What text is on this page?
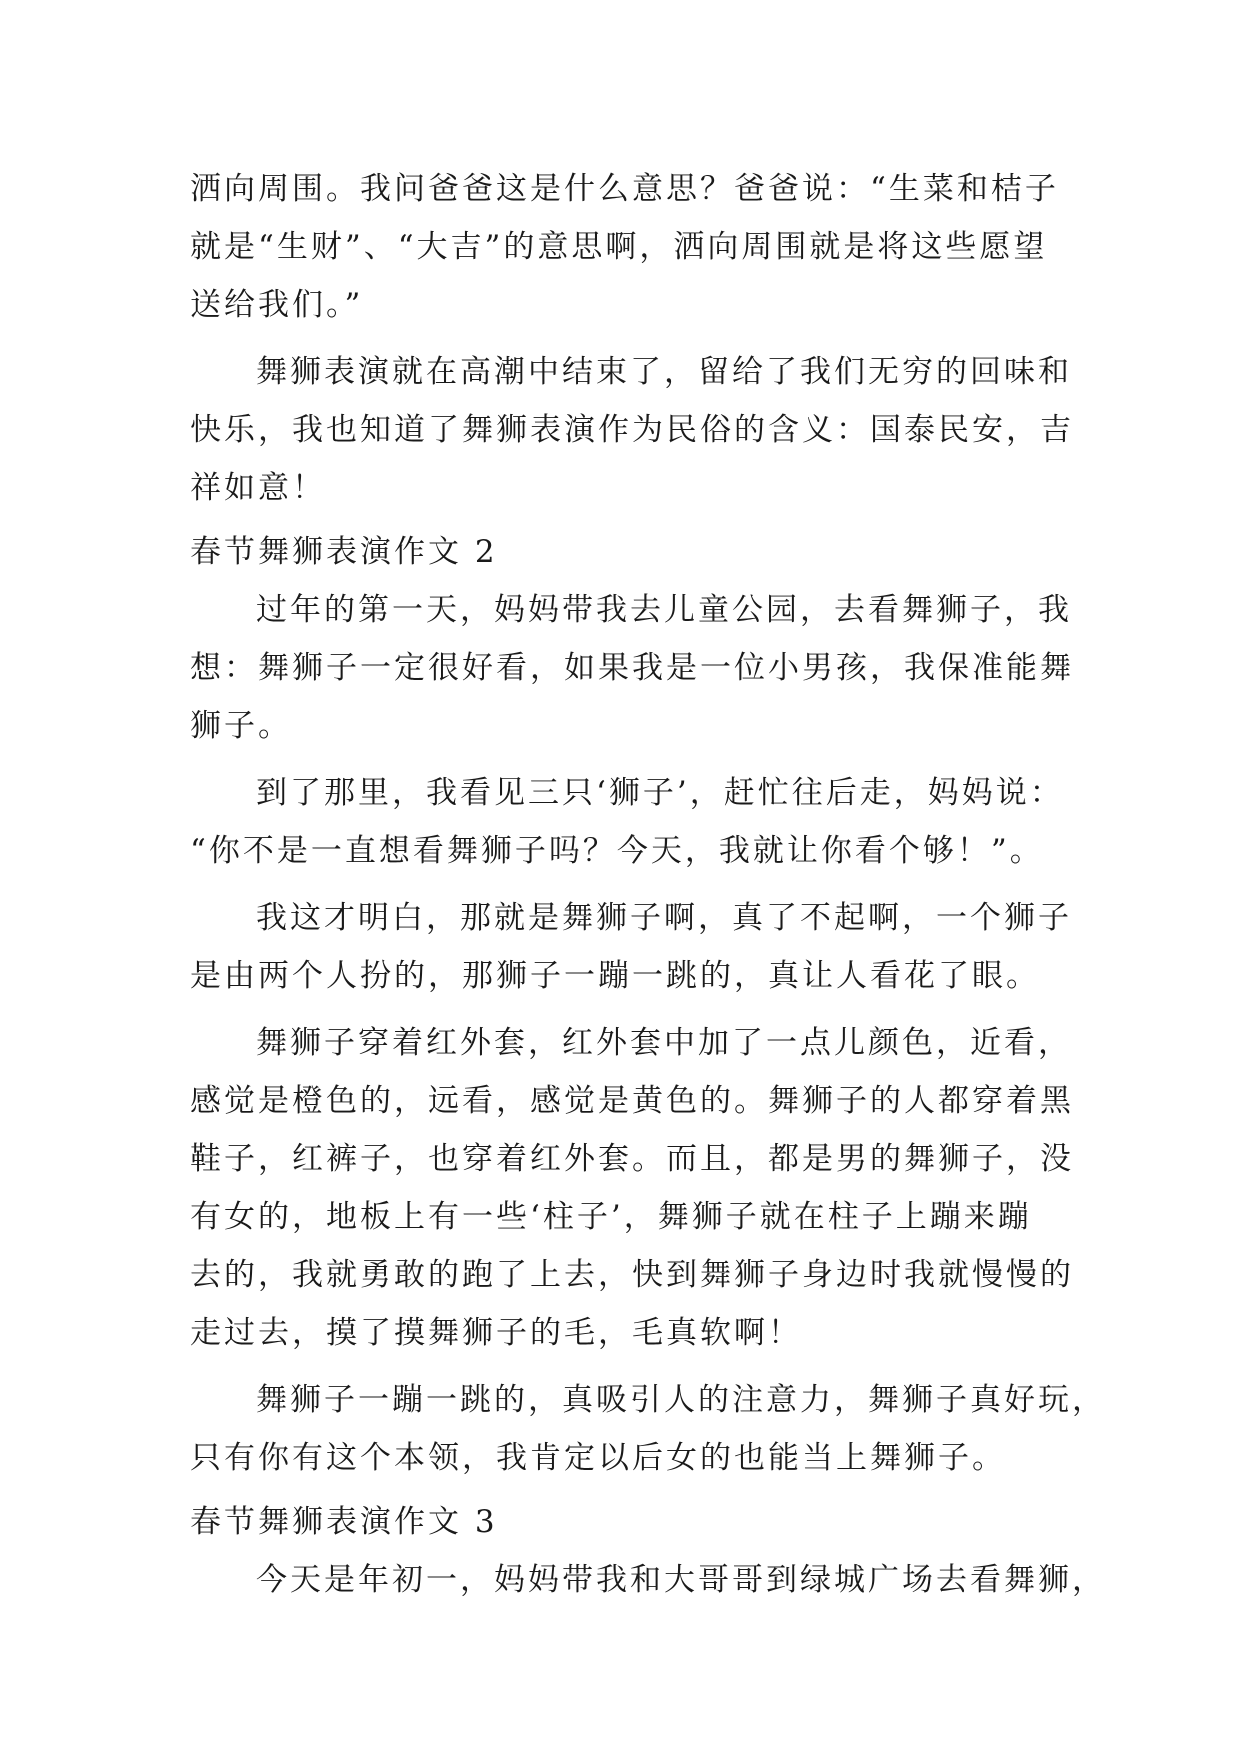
洒向周围。我问爸爸这是什么意思？爸爸说：“生菜和桔子
就是“生财”、“大吉”的意思啊，洒向周围就是将这些愿望
送给我们。”
舞狮表演就在高潮中结束了，留给了我们无穷的回味和
快乐，我也知道了舞狮表演作为民俗的含义：国泰民安，吉
祥如意！
春节舞狮表演作文 2
过年的第一天，妈妈带我去儿童公园，去看舞狮子，我
想：舞狮子一定很好看，如果我是一位小男孩，我保准能舞
狮子。
到了那里，我看见三只‘狮子’，赶忙往后走，妈妈说：
“你不是一直想看舞狮子吗？今天，我就让你看个够！”。
我这才明白，那就是舞狮子啊，真了不起啊，一个狮子
是由两个人扮的，那狮子一蹦一跳的，真让人看花了眼。
舞狮子穿着红外套，红外套中加了一点儿颜色，近看，
感觉是橙色的，远看，感觉是黄色的。舞狮子的人都穿着黑
鞋子，红裤子，也穿着红外套。而且，都是男的舞狮子，没
有女的，地板上有一些‘柱子’，舞狮子就在柱子上蹦来蹦
去的，我就勇敢的跑了上去，快到舞狮子身边时我就慢慢的
走过去，摸了摸舞狮子的毛，毛真软啊！
舞狮子一蹦一跳的，真吸引人的注意力，舞狮子真好玩，
只有你有这个本领，我肯定以后女的也能当上舞狮子。
春节舞狮表演作文 3
今天是年初一，妈妈带我和大哥哥到绿城广场去看舞狮，
